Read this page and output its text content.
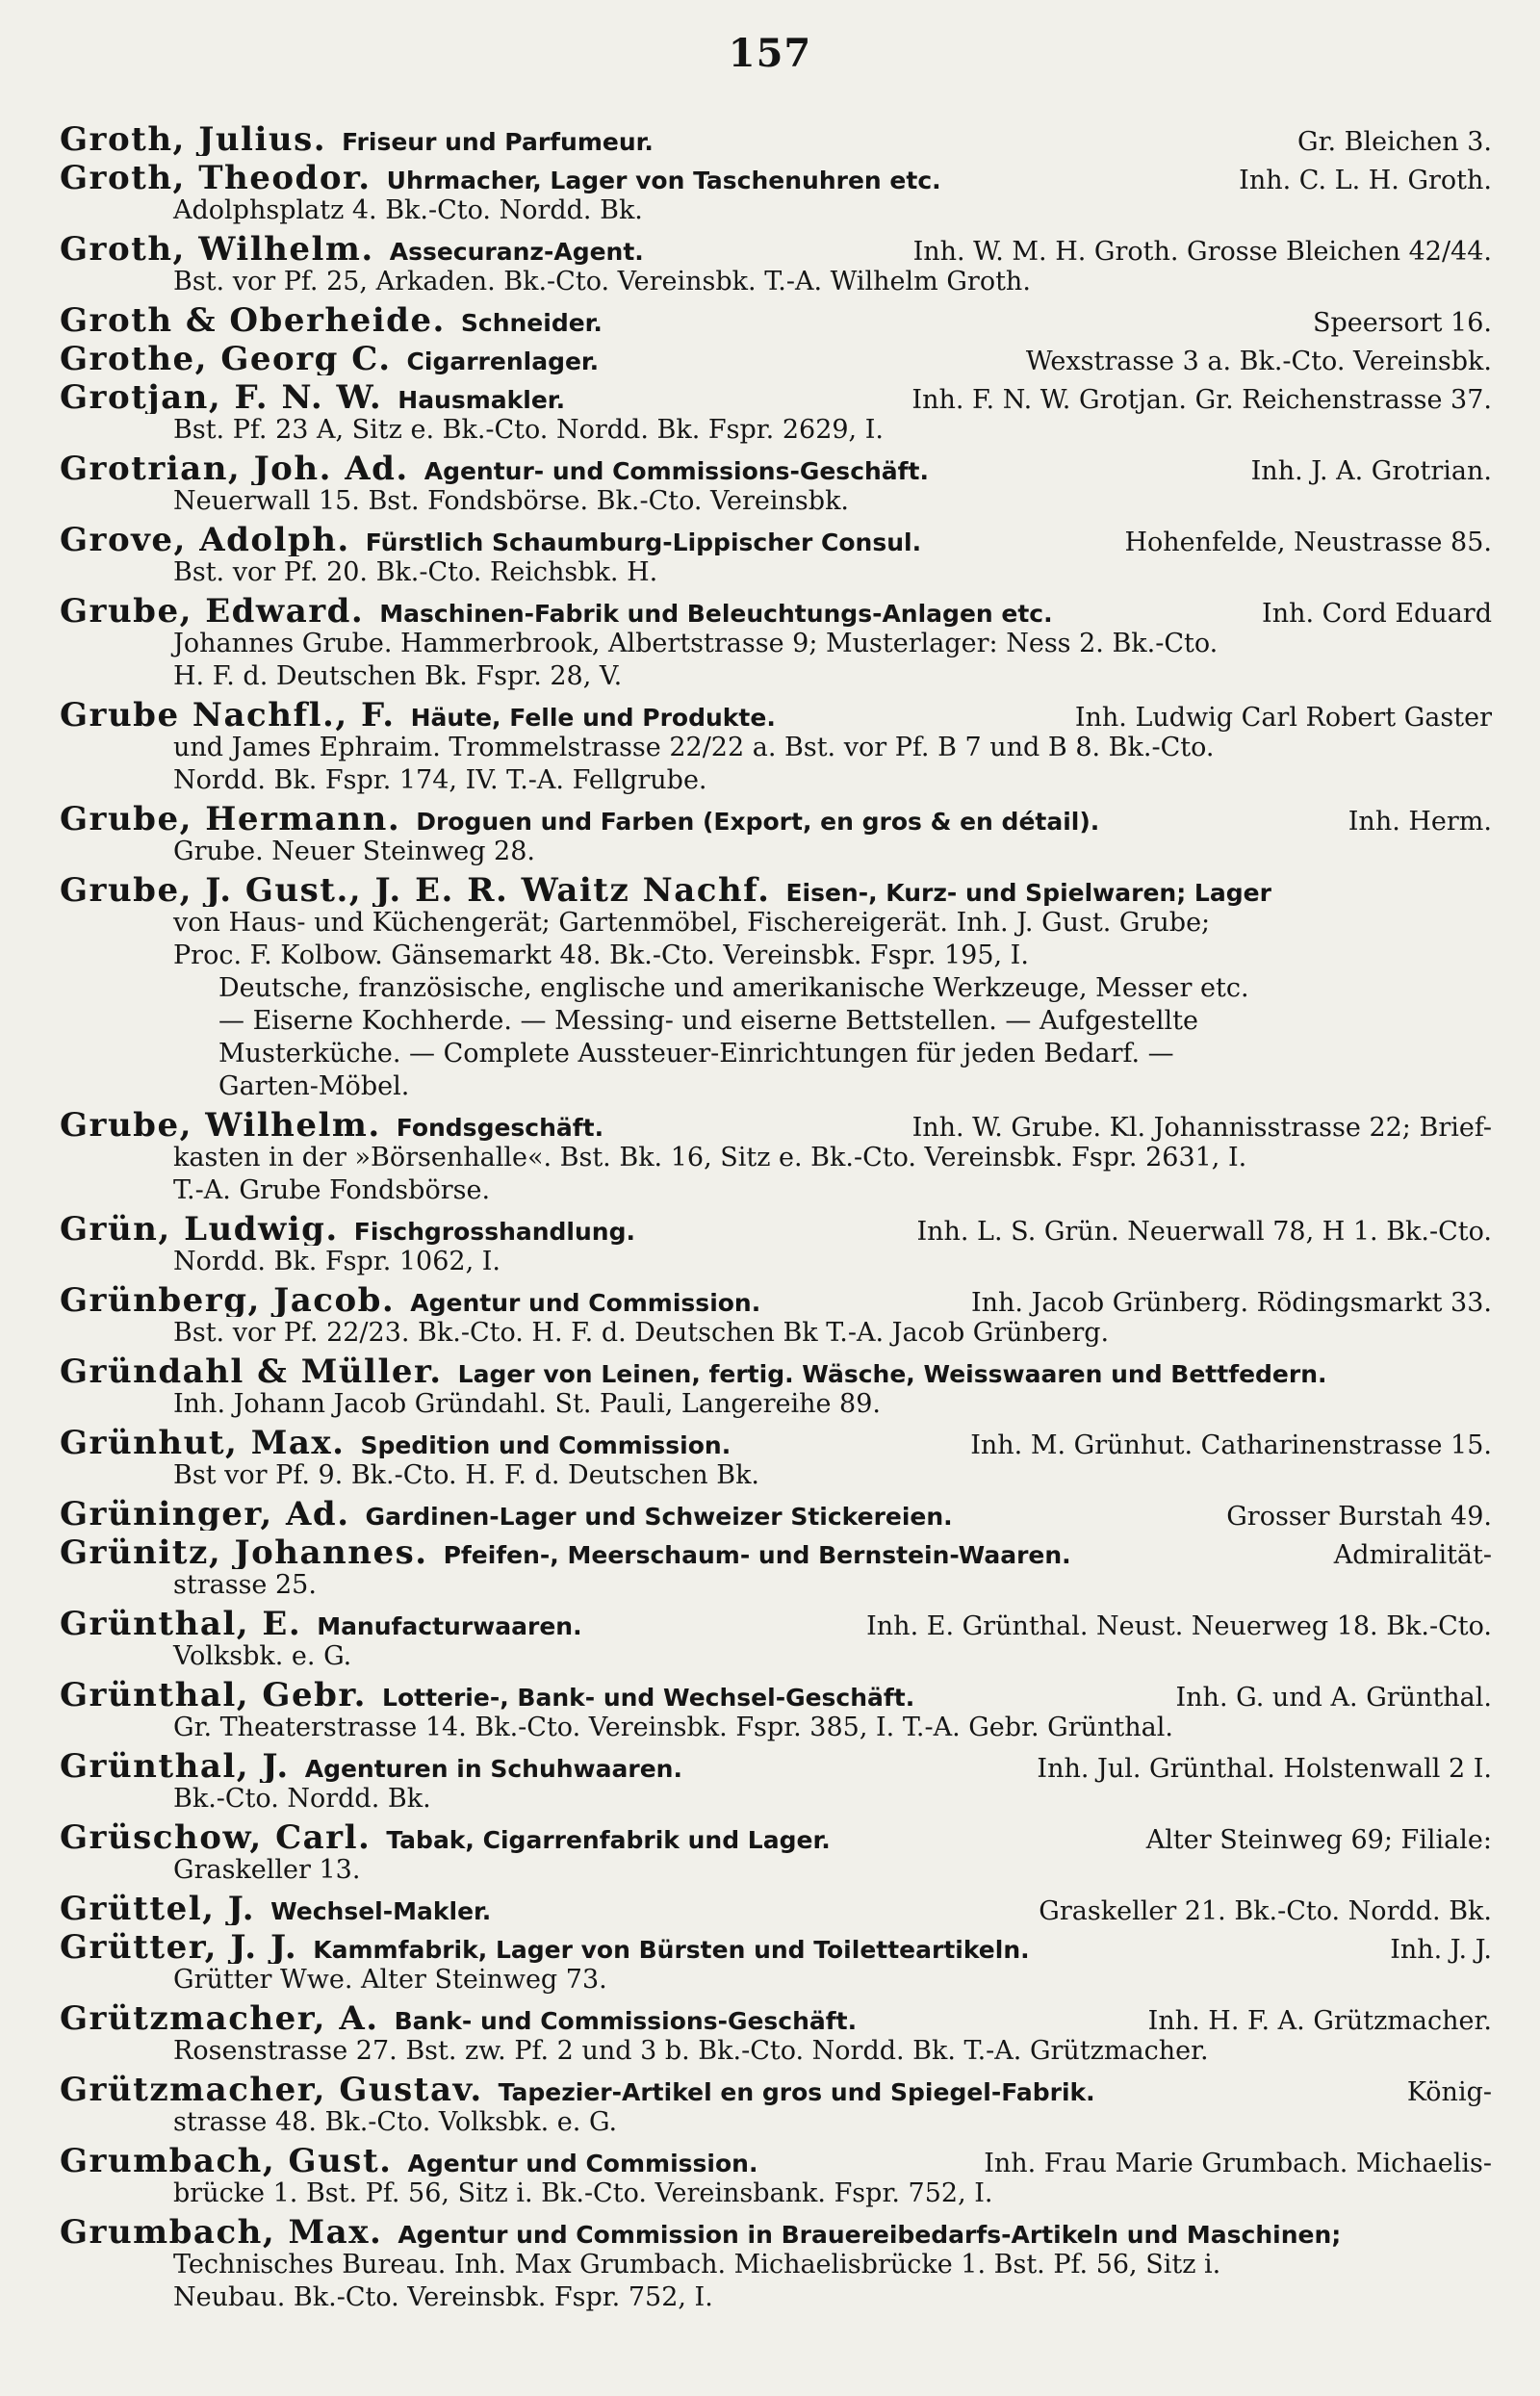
157
Groth, Julius. Friseur und Parfumeur.	Gr. Bleichen 3.
Groth, Theodor. Uhrmacher, Lager von Taschenuhren etc.	Inh. C. L. H. Groth.
Adolphsplatz 4. Bk.-Cto. Nordd. Bk.
Groth, Wilhelm. Assecuranz-Agent.	Inh. W. M. H. Groth. Grosse Bleichen 42/44.
Bst. vor Pf. 25, Arkaden. Bk.-Cto. Vereinsbk. T.-A. Wilhelm Groth.
Groth & Oberheide. Schneider.	Speersort 16.
Grothe, Georg C. Cigarrenlager.	Wexstrasse 3 a. Bk.-Cto. Vereinsbk.
Grotjan, F. N. W. Hausmakler.	Inh. F. N. W. Grotjan. Gr. Reichenstrasse 37.
Bst. Pf. 23 A, Sitz e. Bk.-Cto. Nordd. Bk. Fspr. 2629, I.
Grotrian, Joh. Ad. Agentur- und Commissions-Geschäft.	Inh. J. A. Grotrian.
Neuerwall 15. Bst. Fondsbörse. Bk.-Cto. Vereinsbk.
Grove, Adolph. Fürstlich Schaumburg-Lippischer Consul.	Hohenfelde, Neustrasse 85.
Bst. vor Pf. 20. Bk.-Cto. Reichsbk. H.
Grube, Edward. Maschinen-Fabrik und Beleuchtungs-Anlagen etc.	Inh. Cord Eduard
Johannes Grube. Hammerbrook, Albertstrasse 9; Musterlager: Ness 2. Bk.-Cto.
H. F. d. Deutschen Bk. Fspr. 28, V.
Grube Nachfl., F. Häute, Felle und Produkte.	Inh. Ludwig Carl Robert Gaster
und James Ephraim. Trommelstrasse 22/22 a. Bst. vor Pf. B 7 und B 8. Bk.-Cto.
Nordd. Bk. Fspr. 174, IV. T.-A. Fellgrube.
Grube, Hermann. Droguen und Farben (Export, en gros & en détail).	Inh. Herm.
Grube. Neuer Steinweg 28.
Grube, J. Gust., J. E. R. Waitz Nachf. Eisen-, Kurz- und Spielwaren; Lager
von Haus- und Küchengerät; Gartenmöbel, Fischereigerät. Inh. J. Gust. Grube;
Proc. F. Kolbow. Gänsemarkt 48. Bk.-Cto. Vereinsbk. Fspr. 195, I.
Deutsche, französische, englische und amerikanische Werkzeuge, Messer etc.
— Eiserne Kochherde. — Messing- und eiserne Bettstellen. — Aufgestellte
Musterküche. — Complete Aussteuer-Einrichtungen für jeden Bedarf. —
Garten-Möbel.
Grube, Wilhelm. Fondsgeschäft.	Inh. W. Grube. Kl. Johannisstrasse 22; Brief-
kasten in der »Börsenhalle«. Bst. Bk. 16, Sitz e. Bk.-Cto. Vereinsbk. Fspr. 2631, I.
T.-A. Grube Fondsbörse.
Grün, Ludwig. Fischgrosshandlung.	Inh. L. S. Grün. Neuerwall 78, H 1. Bk.-Cto.
Nordd. Bk. Fspr. 1062, I.
Grünberg, Jacob. Agentur und Commission.	Inh. Jacob Grünberg. Rödingsmarkt 33.
Bst. vor Pf. 22/23. Bk.-Cto. H. F. d. Deutschen Bk T.-A. Jacob Grünberg.
Gründahl & Müller. Lager von Leinen, fertig. Wäsche, Weisswaaren und Bettfedern.
Inh. Johann Jacob Gründahl. St. Pauli, Langereihe 89.
Grünhut, Max. Spedition und Commission.	Inh. M. Grünhut. Catharinenstrasse 15.
Bst vor Pf. 9. Bk.-Cto. H. F. d. Deutschen Bk.
Grüninger, Ad. Gardinen-Lager und Schweizer Stickereien.	Grosser Burstah 49.
Grünitz, Johannes. Pfeifen-, Meerschaum- und Bernstein-Waaren.	Admiralität-
strasse 25.
Grünthal, E. Manufacturwaaren.	Inh. E. Grünthal. Neust. Neuerweg 18. Bk.-Cto.
Volksbk. e. G.
Grünthal, Gebr. Lotterie-, Bank- und Wechsel-Geschäft.	Inh. G. und A. Grünthal.
Gr. Theaterstrasse 14. Bk.-Cto. Vereinsbk. Fspr. 385, I. T.-A. Gebr. Grünthal.
Grünthal, J. Agenturen in Schuhwaaren.	Inh. Jul. Grünthal. Holstenwall 2 I.
Bk.-Cto. Nordd. Bk.
Grüschow, Carl. Tabak, Cigarrenfabrik und Lager.	Alter Steinweg 69; Filiale:
Graskeller 13.
Grüttel, J. Wechsel-Makler.	Graskeller 21. Bk.-Cto. Nordd. Bk.
Grütter, J. J. Kammfabrik, Lager von Bürsten und Toiletteartikeln.	Inh. J. J.
Grütter Wwe. Alter Steinweg 73.
Grützmacher, A. Bank- und Commissions-Geschäft.	Inh. H. F. A. Grützmacher.
Rosenstrasse 27. Bst. zw. Pf. 2 und 3 b. Bk.-Cto. Nordd. Bk. T.-A. Grützmacher.
Grützmacher, Gustav. Tapezier-Artikel en gros und Spiegel-Fabrik.	König-
strasse 48. Bk.-Cto. Volksbk. e. G.
Grumbach, Gust. Agentur und Commission.	Inh. Frau Marie Grumbach. Michaelis-
brücke 1. Bst. Pf. 56, Sitz i. Bk.-Cto. Vereinsbank. Fspr. 752, I.
Grumbach, Max. Agentur und Commission in Brauereibedarfs-Artikeln und Maschinen;
Technisches Bureau. Inh. Max Grumbach. Michaelisbrücke 1. Bst. Pf. 56, Sitz i.
Neubau. Bk.-Cto. Vereinsbk. Fspr. 752, I.
